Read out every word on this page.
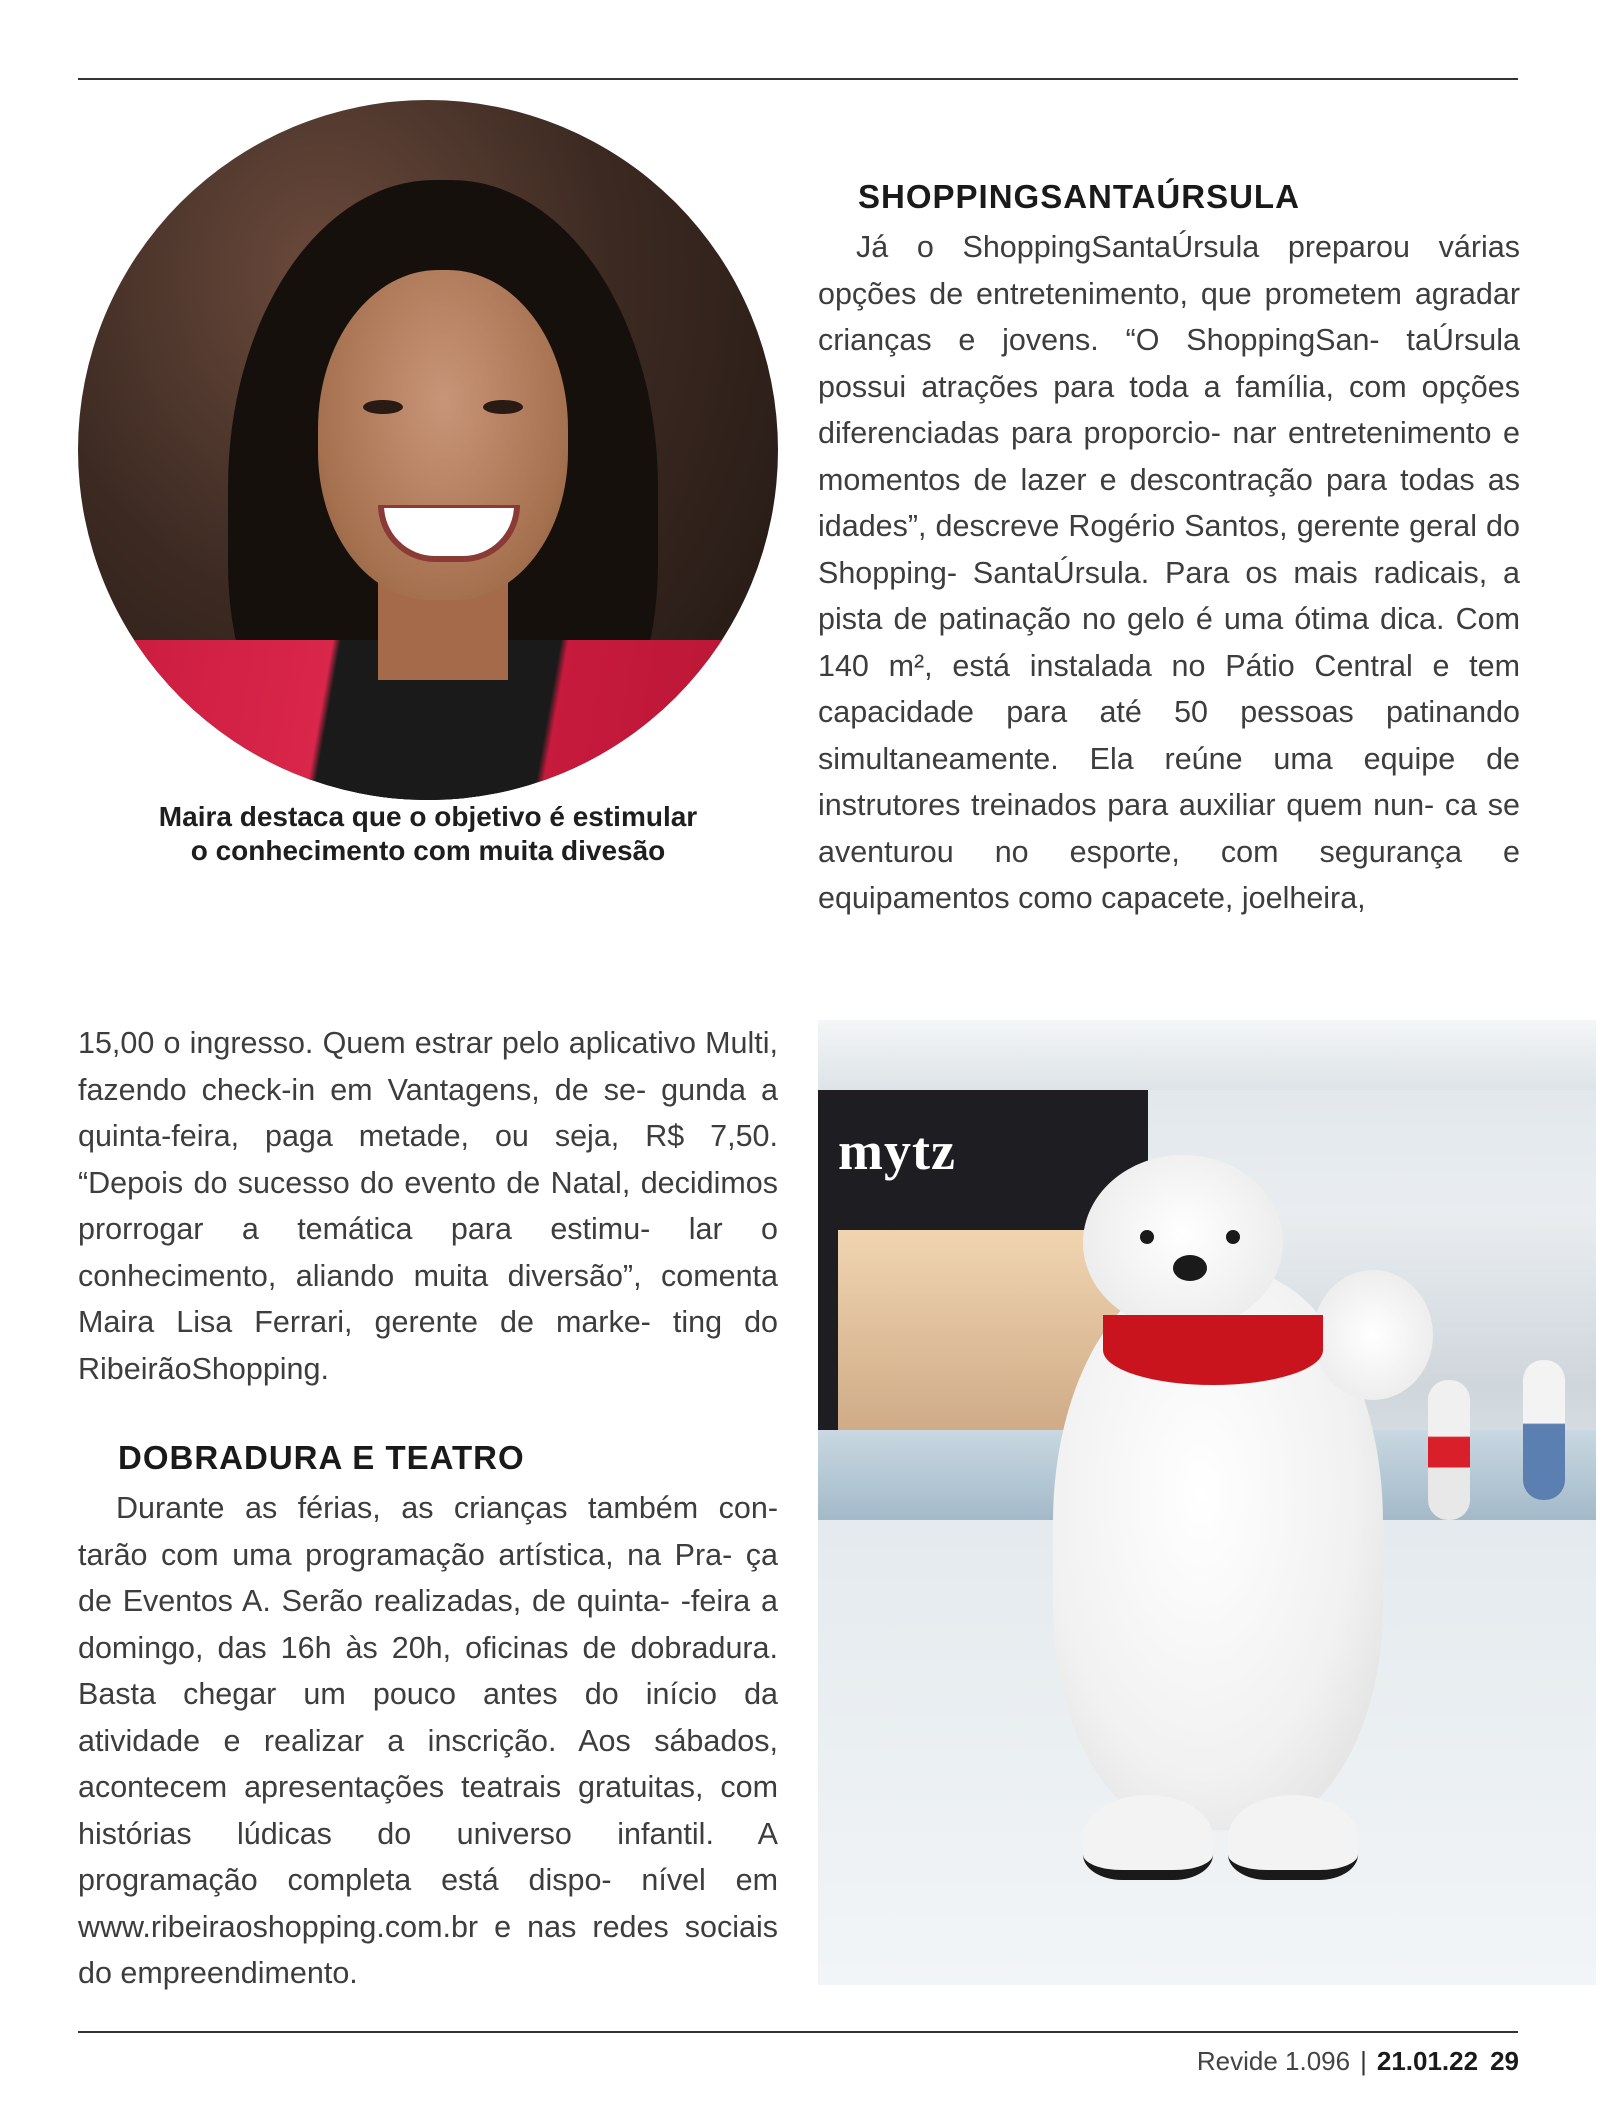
Maira destaca que o objetivo é estimular
o conhecimento com muita divesão
SHOPPINGSANTAÚRSULA
Já o ShoppingSantaÚrsula preparou várias opções de entretenimento, que prometem agradar crianças e jovens. “O ShoppingSan- taÚrsula possui atrações para toda a família, com opções diferenciadas para proporcio- nar entretenimento e momentos de lazer e descontração para todas as idades”, descreve Rogério Santos, gerente geral do Shopping- SantaÚrsula. Para os mais radicais, a pista de patinação no gelo é uma ótima dica. Com 140 m², está instalada no Pátio Central e tem capacidade para até 50 pessoas patinando simultaneamente. Ela reúne uma equipe de instrutores treinados para auxiliar quem nun- ca se aventurou no esporte, com segurança e equipamentos como capacete, joelheira,
15,00 o ingresso. Quem estrar pelo aplicativo Multi, fazendo check-in em Vantagens, de se- gunda a quinta-feira, paga metade, ou seja, R$ 7,50. “Depois do sucesso do evento de Natal, decidimos prorrogar a temática para estimu- lar o conhecimento, aliando muita diversão”, comenta Maira Lisa Ferrari, gerente de marke- ting do RibeirãoShopping.
DOBRADURA E TEATRO
Durante as férias, as crianças também con- tarão com uma programação artística, na Pra- ça de Eventos A. Serão realizadas, de quinta- -feira a domingo, das 16h às 20h, oficinas de dobradura. Basta chegar um pouco antes do início da atividade e realizar a inscrição. Aos sábados, acontecem apresentações teatrais gratuitas, com histórias lúdicas do universo infantil. A programação completa está dispo- nível em www.ribeiraoshopping.com.br e nas redes sociais do empreendimento.
mytz
Revide 1.096 | 21.01.22 29
